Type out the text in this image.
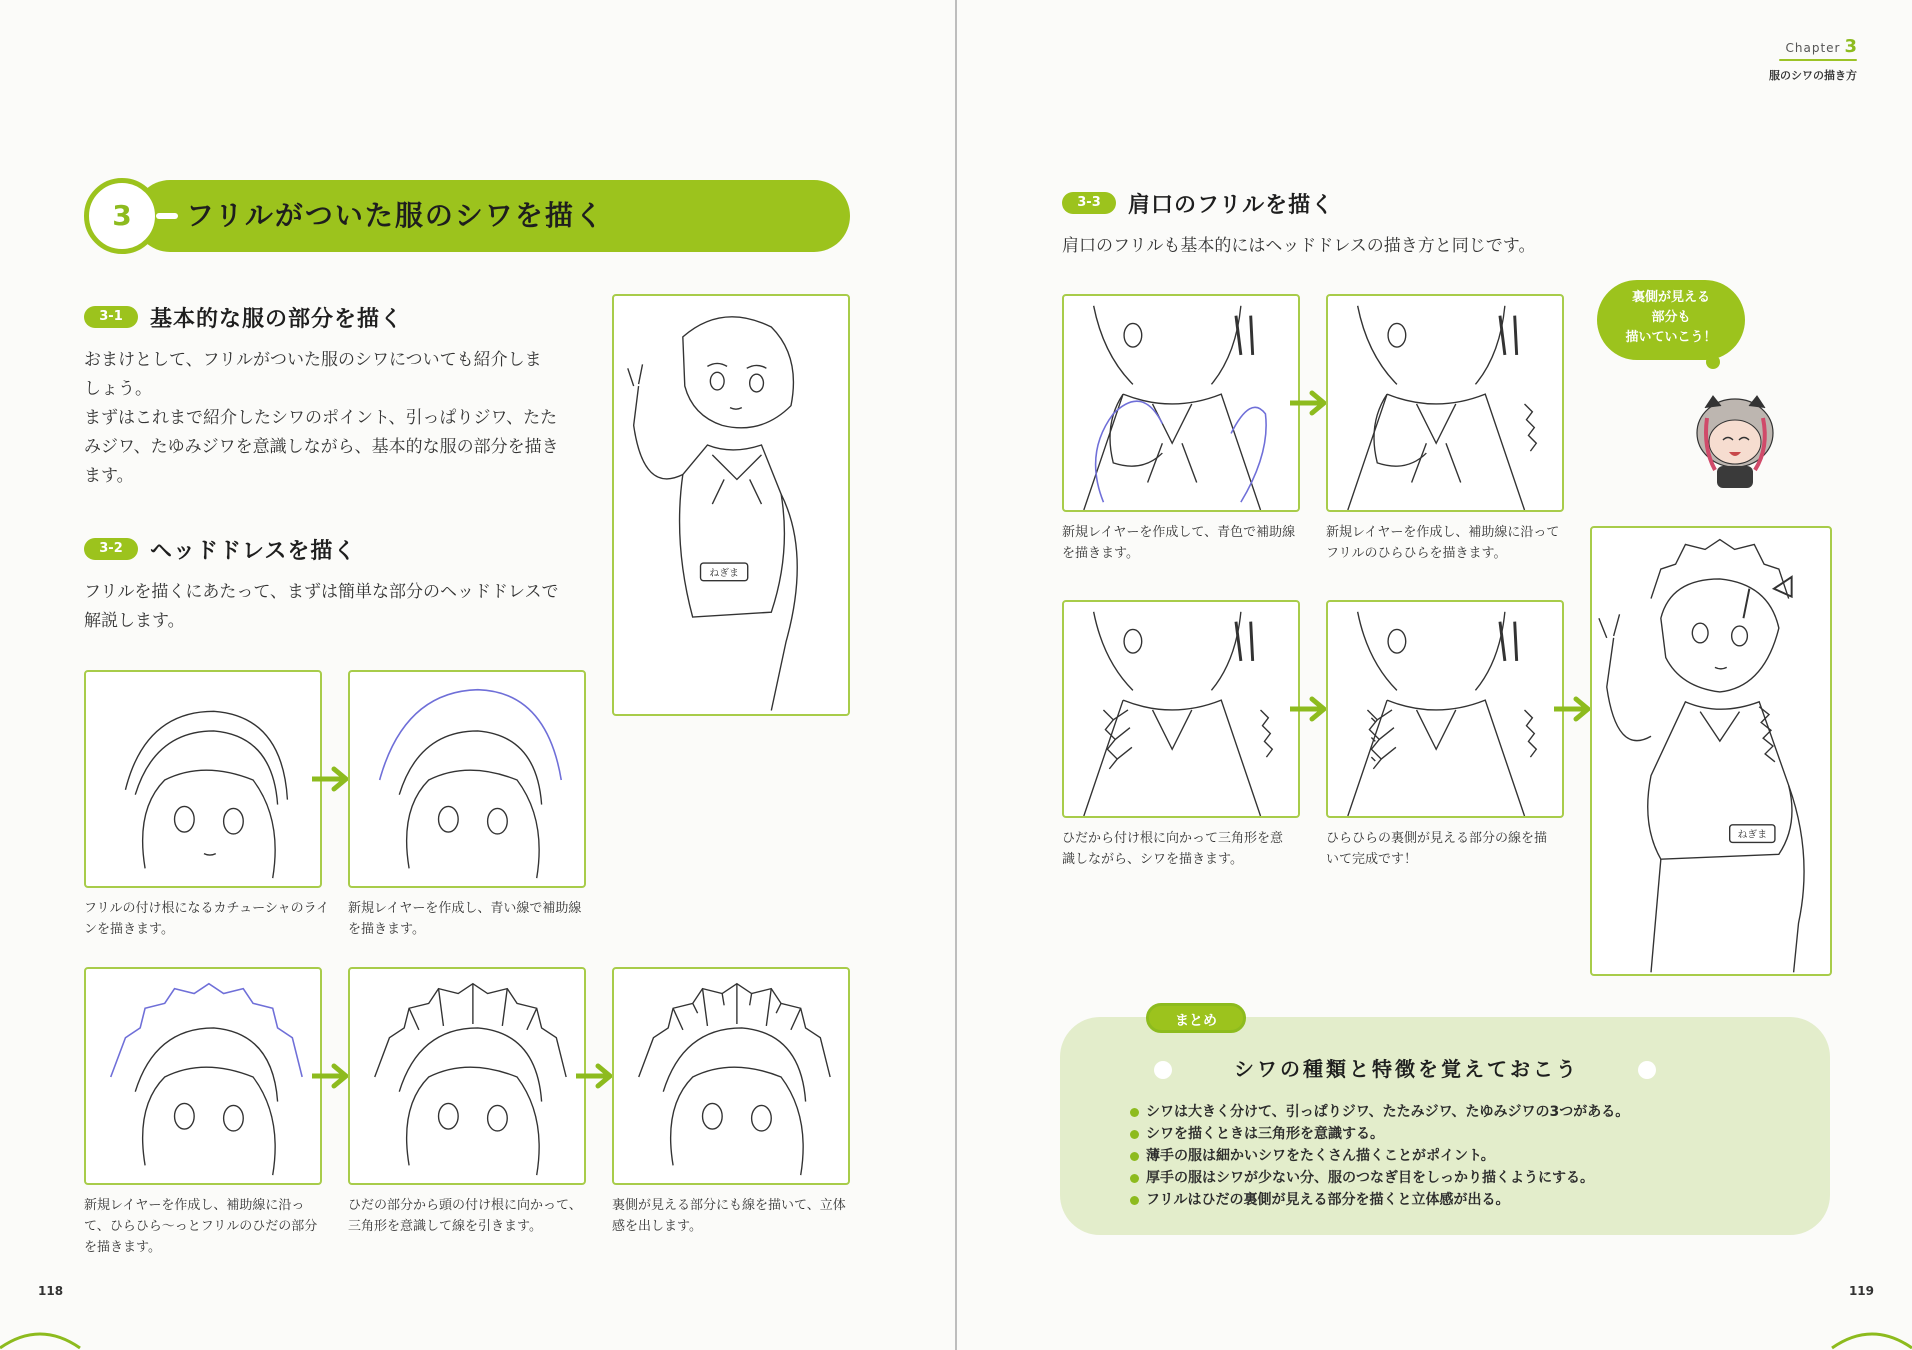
Chapter 3
服のシワの描き方
3	フリルがついた服のシワを描く
3-1	基本的な服の部分を描く
おまけとして、フリルがついた服のシワについても紹介しま
しょう。
まずはこれまで紹介したシワのポイント、引っぱりジワ、たた
みジワ、たゆみジワを意識しながら、基本的な服の部分を描き
ます。
ねぎま
3-2	ヘッドドレスを描く
フリルを描くにあたって、まずは簡単な部分のヘッドドレスで
解説します。
フリルの付け根になるカチューシャのライ
ンを描きます。
新規レイヤーを作成し、青い線で補助線
を描きます。
新規レイヤーを作成し、補助線に沿っ
て、ひらひら〜っとフリルのひだの部分
を描きます。
ひだの部分から頭の付け根に向かって、
三角形を意識して線を引きます。
裏側が見える部分にも線を描いて、立体
感を出します。
118
3-3	肩口のフリルを描く
肩口のフリルも基本的にはヘッドドレスの描き方と同じです。
裏側が見える
部分も
描いていこう！
新規レイヤーを作成して、青色で補助線
を描きます。
新規レイヤーを作成し、補助線に沿って
フリルのひらひらを描きます。
ひだから付け根に向かって三角形を意
識しながら、シワを描きます。
ひらひらの裏側が見える部分の線を描
いて完成です！
ねぎま
まとめ
シワの種類と特徴を覚えておこう
シワは大きく分けて、引っぱりジワ、たたみジワ、たゆみジワの3つがある。
シワを描くときは三角形を意識する。
薄手の服は細かいシワをたくさん描くことがポイント。
厚手の服はシワが少ない分、服のつなぎ目をしっかり描くようにする。
フリルはひだの裏側が見える部分を描くと立体感が出る。
119
